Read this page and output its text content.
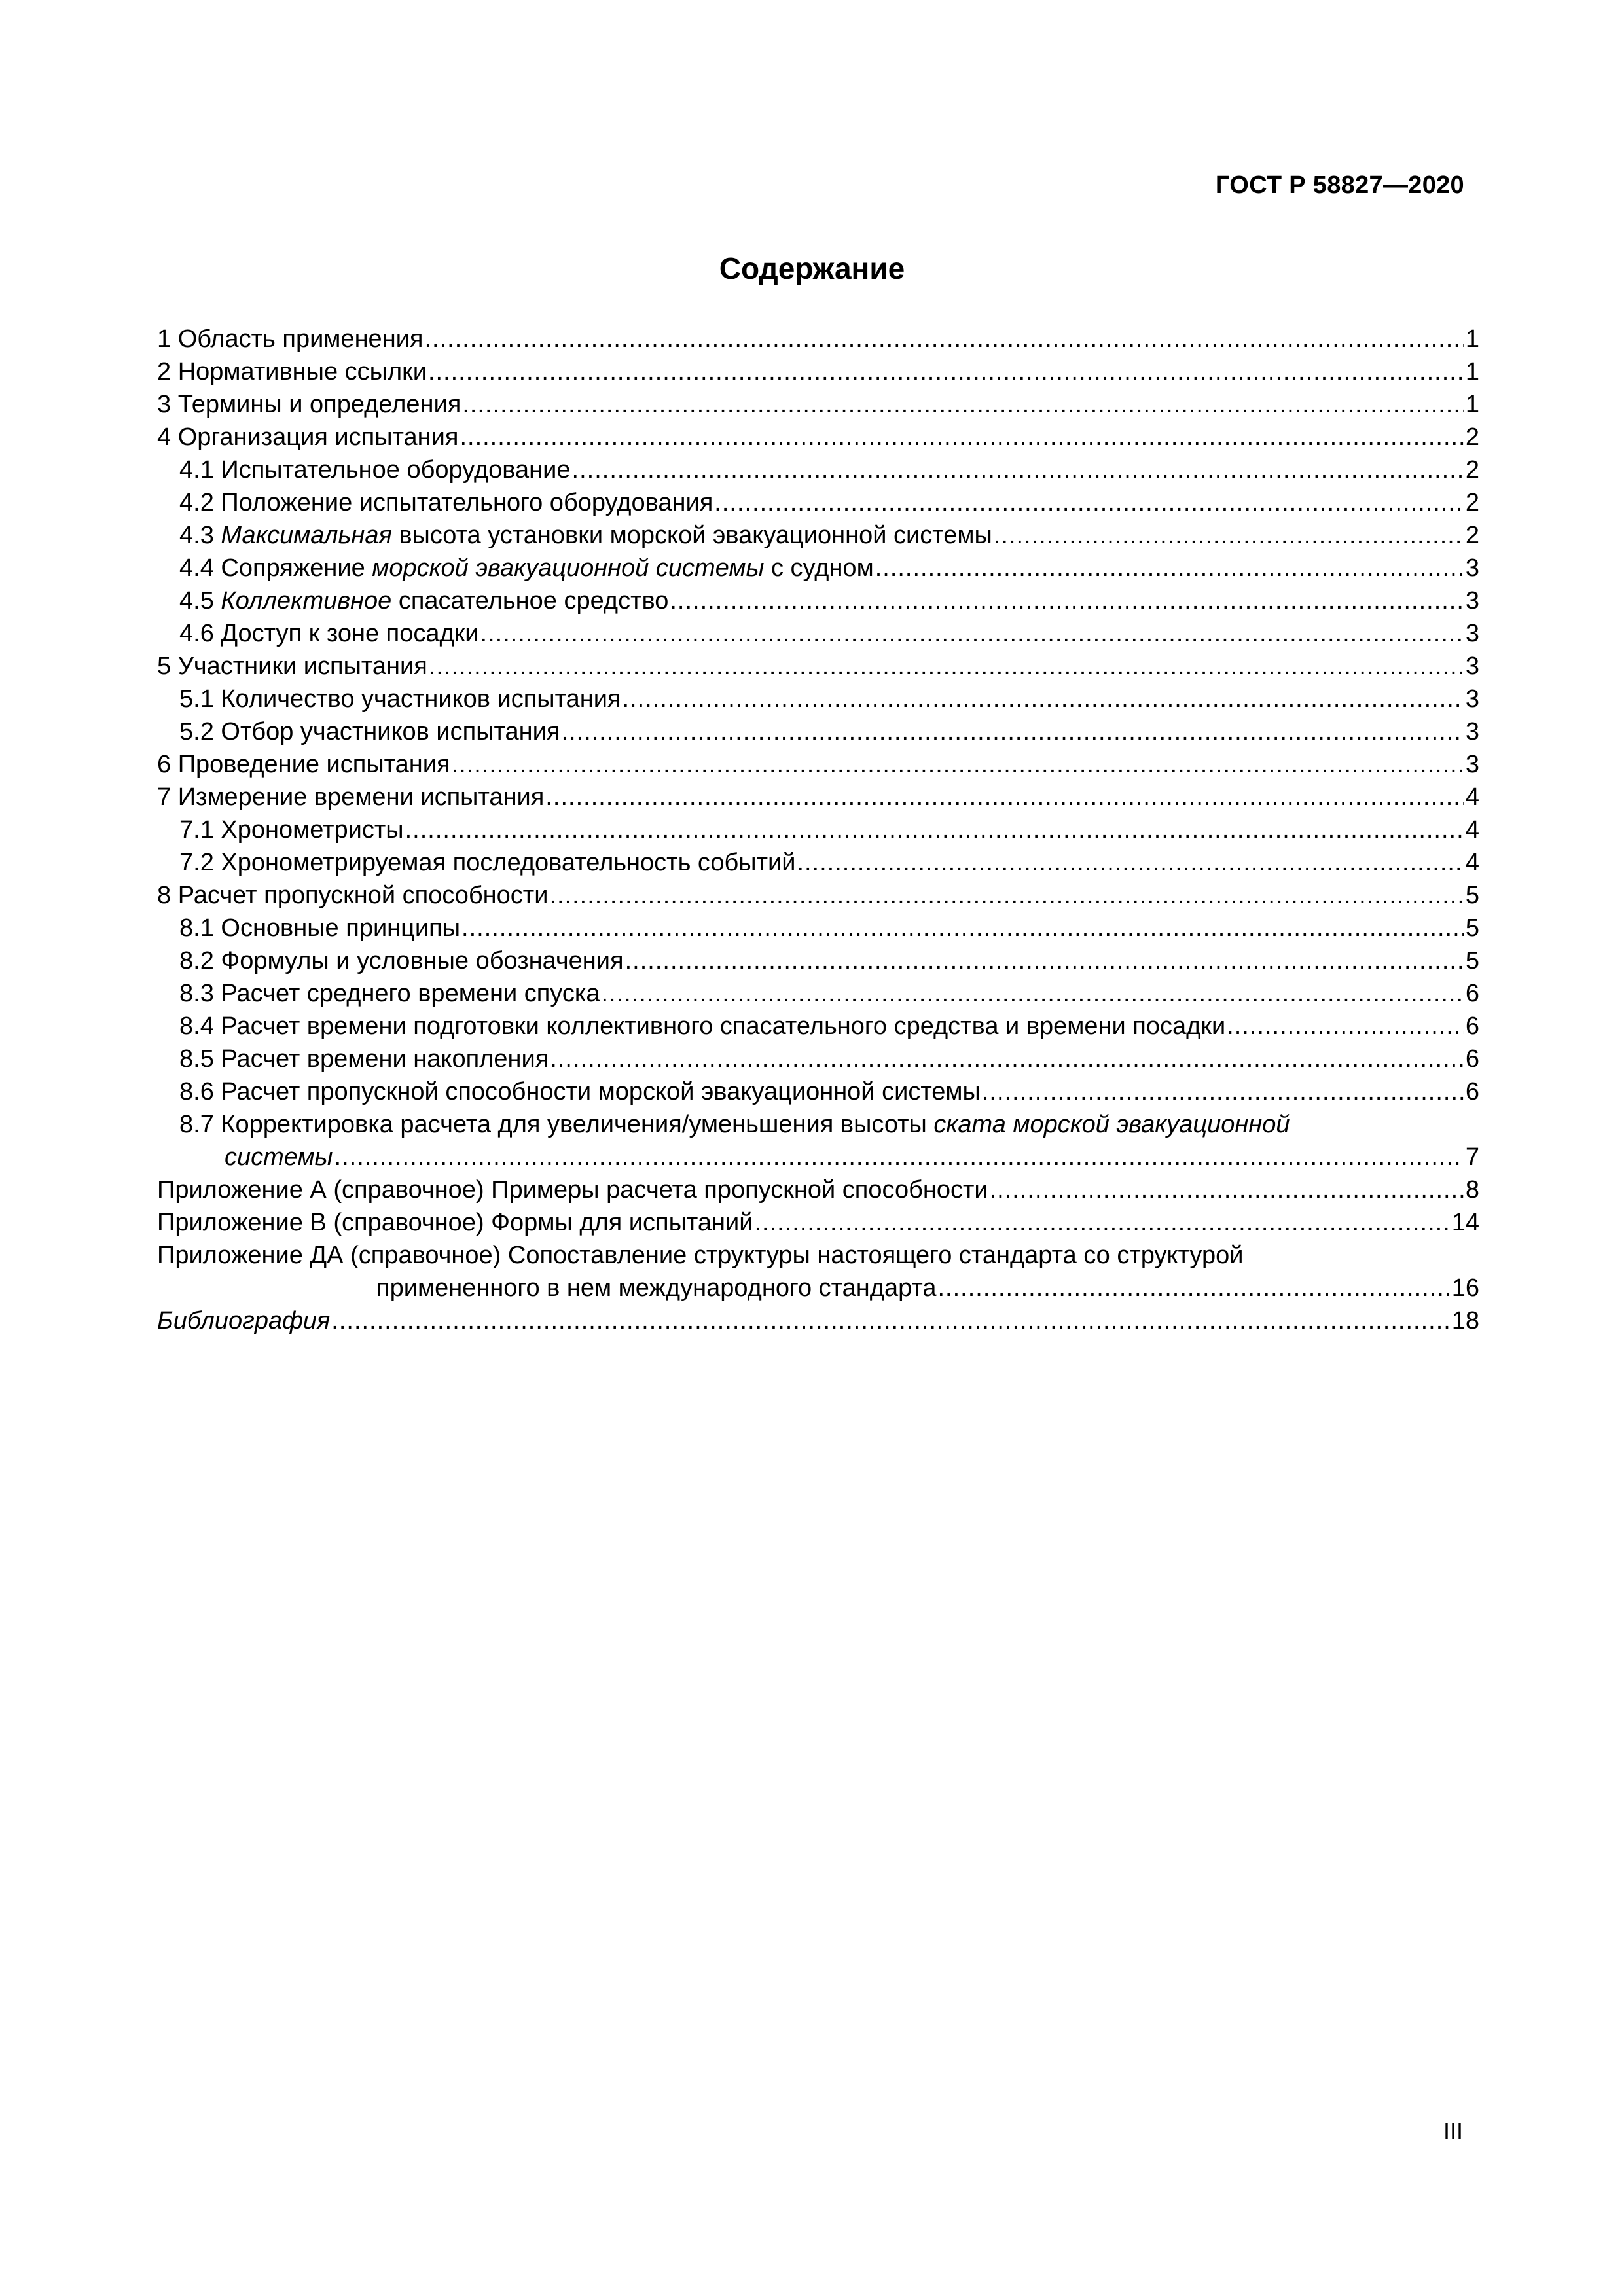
ГОСТ Р 58827—2020
Содержание
1 Область применения .....	1
2 Нормативные ссылки .....	1
3 Термины и определения .....	1
4 Организация испытания .....	2
4.1 Испытательное оборудование .....	2
4.2 Положение испытательного оборудования .....	2
4.3 Максимальная высота установки морской эвакуационной системы .....	2
4.4 Сопряжение морской эвакуационной системы с судном .....	3
4.5 Коллективное спасательное средство .....	3
4.6 Доступ к зоне посадки .....	3
5 Участники испытания .....	3
5.1 Количество участников испытания .....	3
5.2 Отбор участников испытания .....	3
6 Проведение испытания .....	3
7 Измерение времени испытания .....	4
7.1 Хронометристы .....	4
7.2 Хронометрируемая последовательность событий .....	4
8 Расчет пропускной способности .....	5
8.1 Основные принципы .....	5
8.2 Формулы и условные обозначения .....	5
8.3 Расчет среднего времени спуска .....	6
8.4 Расчет времени подготовки коллективного спасательного средства и времени посадки .....	6
8.5 Расчет времени накопления .....	6
8.6 Расчет пропускной способности морской эвакуационной системы .....	6
8.7 Корректировка расчета для увеличения/уменьшения высоты ската морской эвакуационной
системы .....	7
Приложение А (справочное) Примеры расчета пропускной способности .....	8
Приложение В (справочное) Формы для испытаний .....	14
Приложение ДА (справочное) Сопоставление структуры настоящего стандарта со структурой
примененного в нем международного стандарта .....	16
Библиография .....	18
III
